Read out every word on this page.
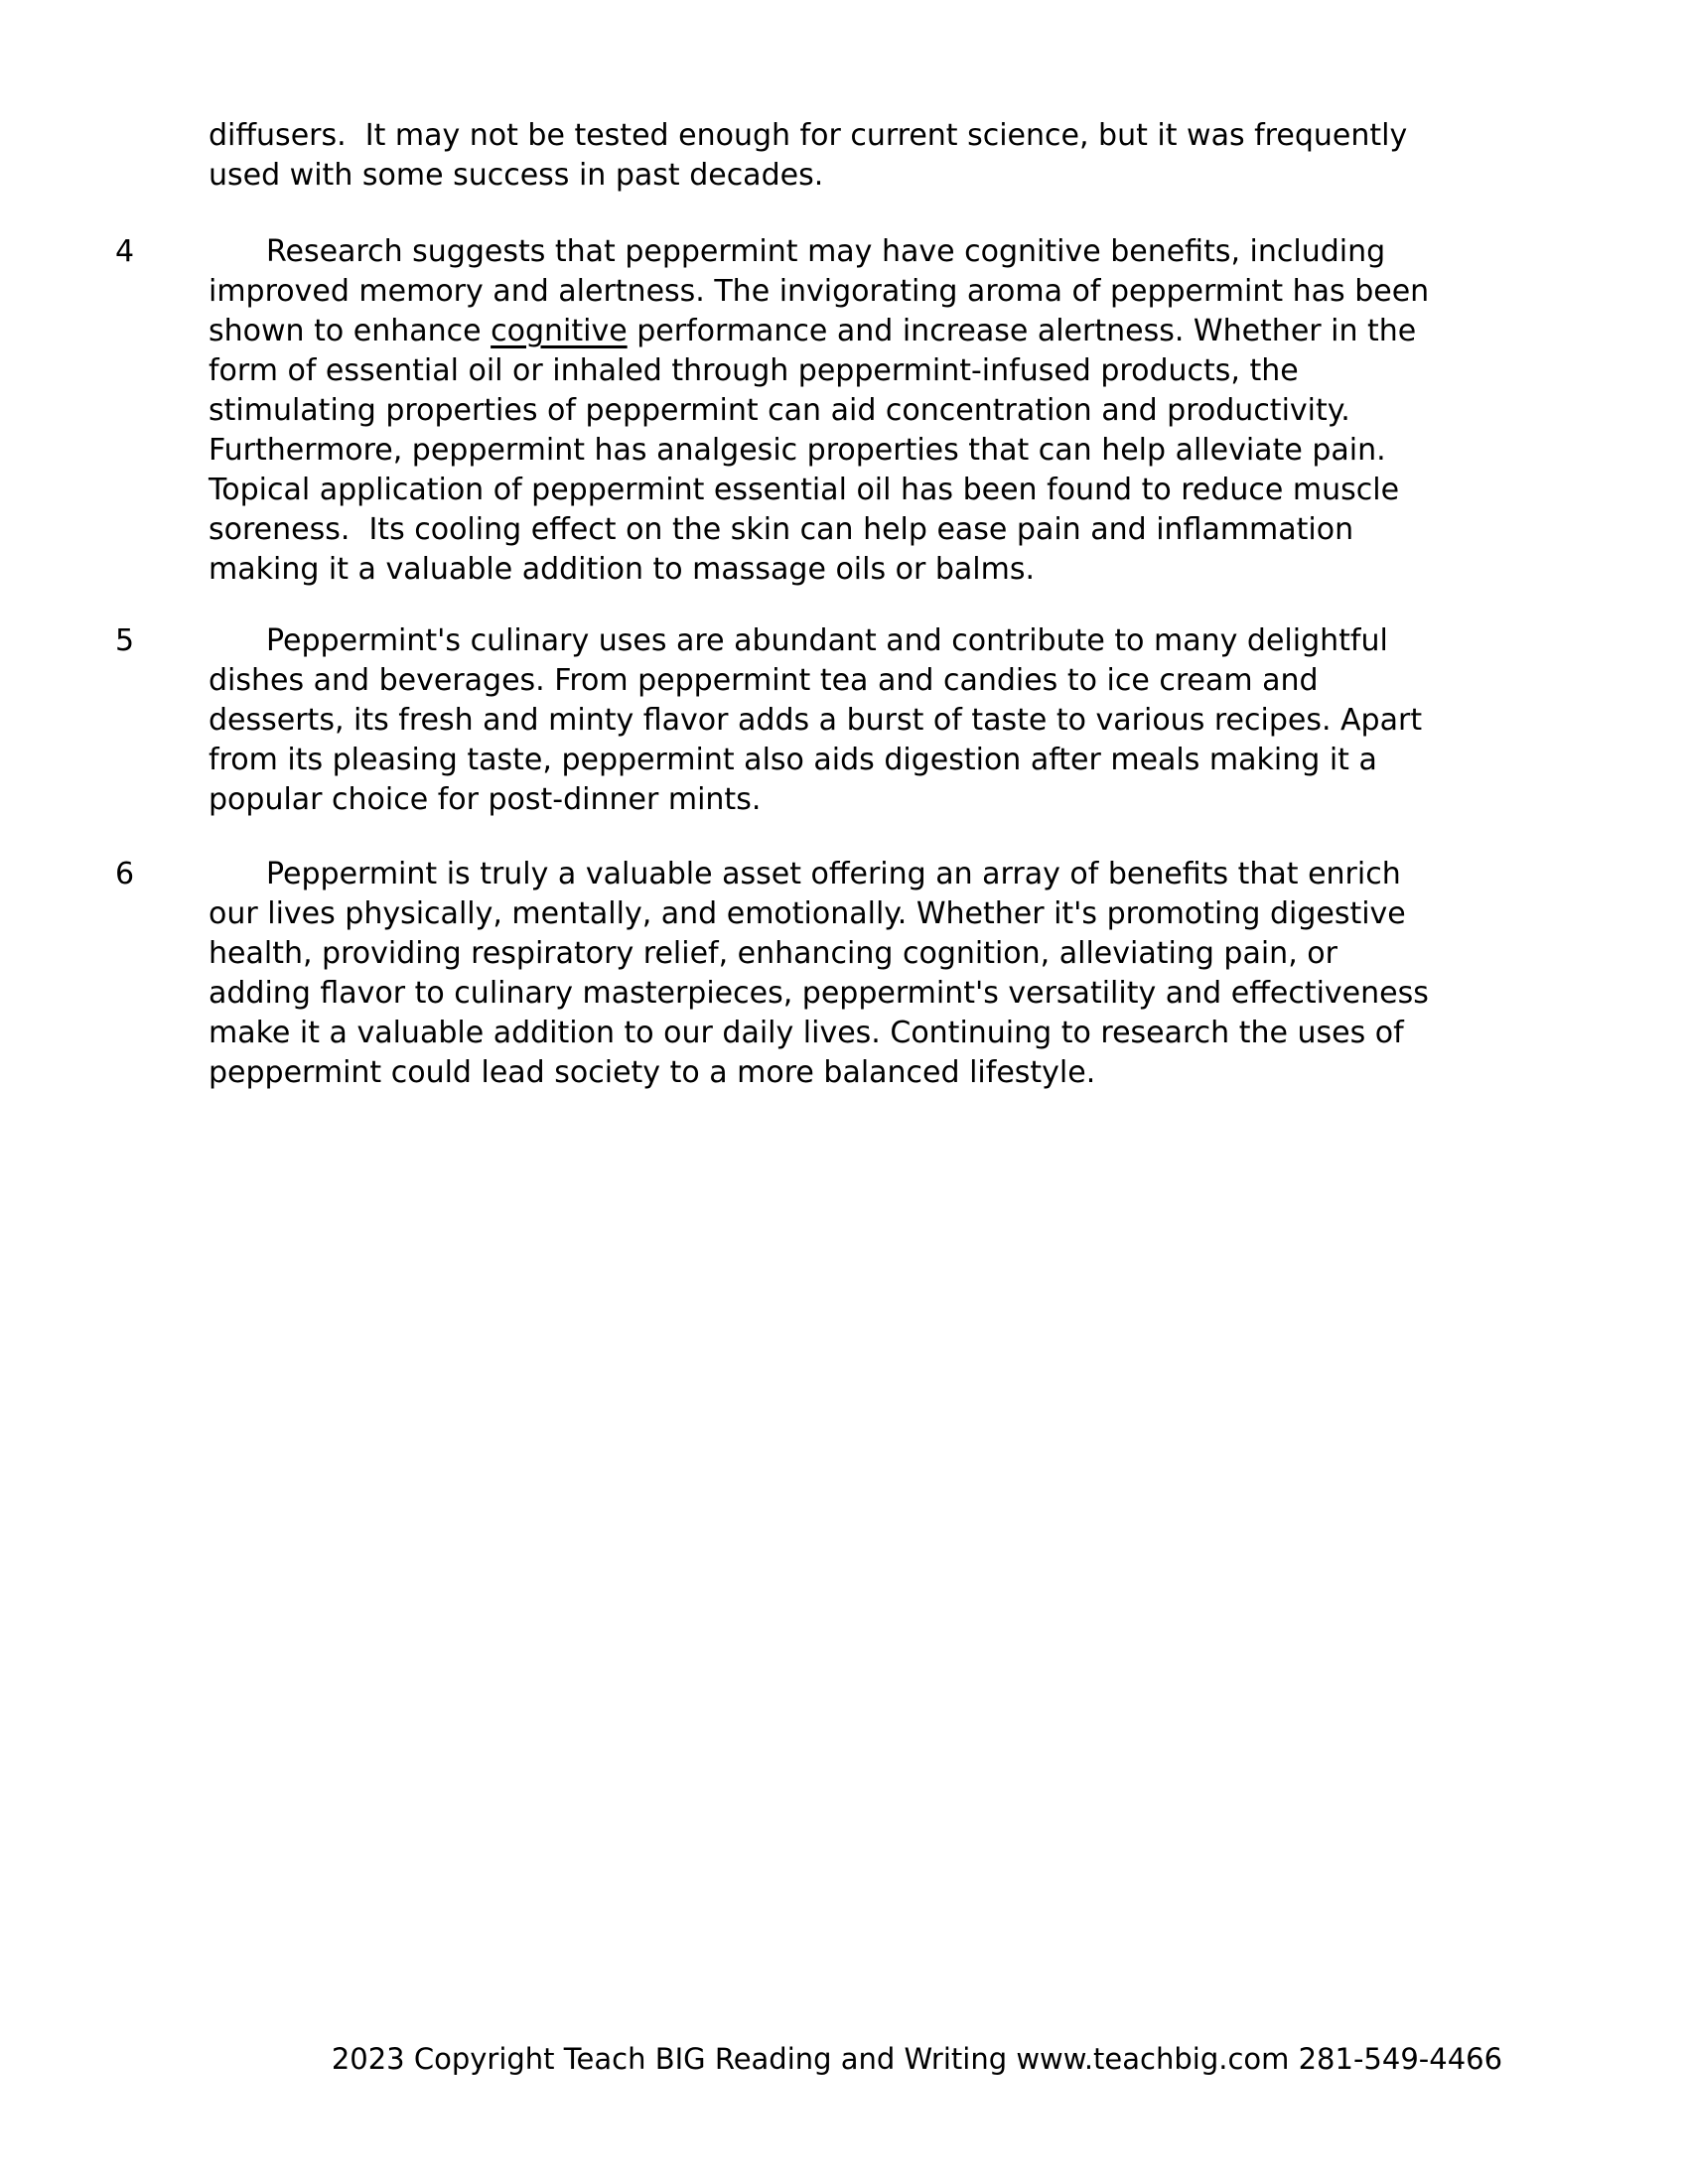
diffusers.  It may not be tested enough for current science, but it was frequently
used with some success in past decades.
4	Research suggests that peppermint may have cognitive benefits, including
improved memory and alertness. The invigorating aroma of peppermint has been
shown to enhance cognitive performance and increase alertness. Whether in the
form of essential oil or inhaled through peppermint-infused products, the
stimulating properties of peppermint can aid concentration and productivity.
Furthermore, peppermint has analgesic properties that can help alleviate pain.
Topical application of peppermint essential oil has been found to reduce muscle
soreness.  Its cooling effect on the skin can help ease pain and inflammation
making it a valuable addition to massage oils or balms.
5	Peppermint's culinary uses are abundant and contribute to many delightful
dishes and beverages. From peppermint tea and candies to ice cream and
desserts, its fresh and minty flavor adds a burst of taste to various recipes. Apart
from its pleasing taste, peppermint also aids digestion after meals making it a
popular choice for post-dinner mints.
6	Peppermint is truly a valuable asset offering an array of benefits that enrich
our lives physically, mentally, and emotionally. Whether it's promoting digestive
health, providing respiratory relief, enhancing cognition, alleviating pain, or
adding flavor to culinary masterpieces, peppermint's versatility and effectiveness
make it a valuable addition to our daily lives. Continuing to research the uses of
peppermint could lead society to a more balanced lifestyle.

2023 Copyright Teach BIG Reading and Writing www.teachbig.com 281-549-4466
